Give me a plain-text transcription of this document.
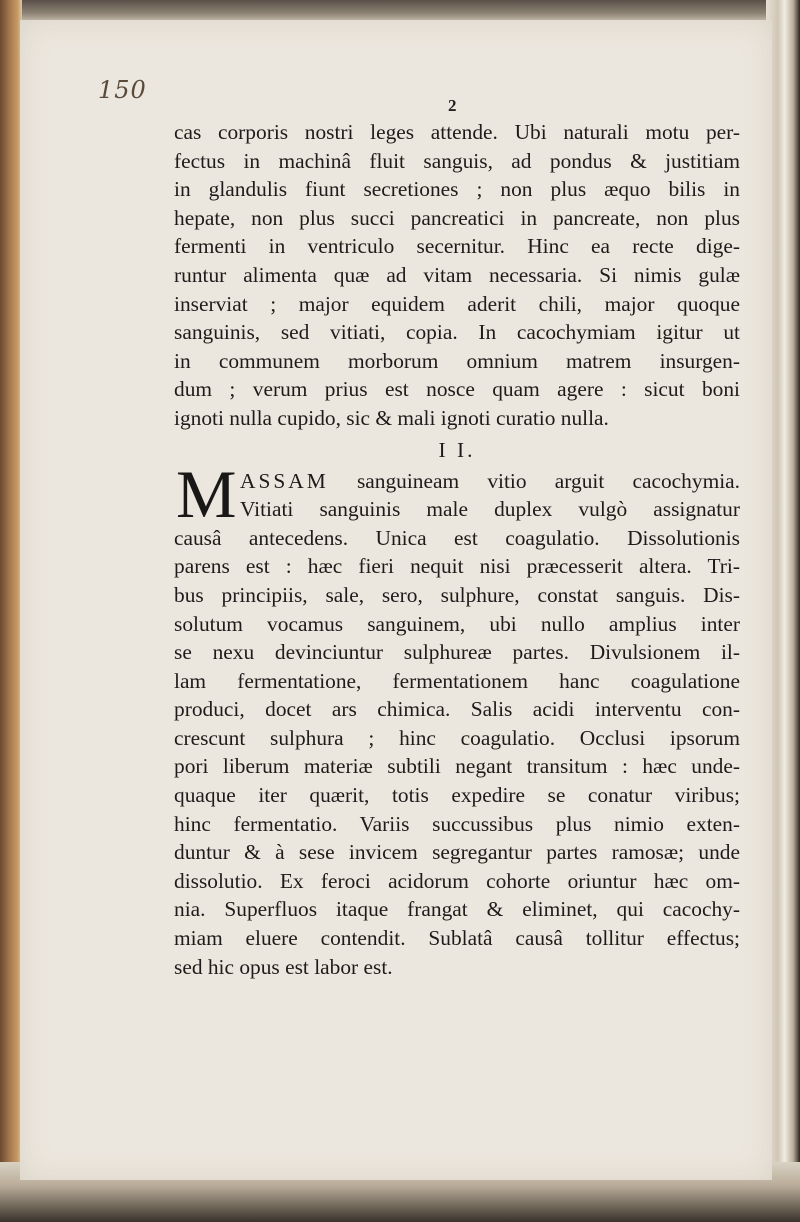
150
2
cas corporis nostri leges attende. Ubi naturali motu per-
fectus in machinâ fluit sanguis, ad pondus & justitiam
in glandulis fiunt secretiones ; non plus æquo bilis in
hepate, non plus succi pancreatici in pancreate, non plus
fermenti in ventriculo secernitur. Hinc ea recte dige-
runtur alimenta quæ ad vitam necessaria. Si nimis gulæ
inserviat ; major equidem aderit chili, major quoque
sanguinis, sed vitiati, copia. In cacochymiam igitur ut
in communem morborum omnium matrem insurgen-
dum ; verum prius est nosce quam agere : sicut boni
ignoti nulla cupido, sic & mali ignoti curatio nulla.
I I.
M ASSAM sanguineam vitio arguit cacochymia.
Vitiati sanguinis male duplex vulgò assignatur
causâ antecedens. Unica est coagulatio. Dissolutionis
parens est : hæc fieri nequit nisi præcesserit altera. Tri-
bus principiis, sale, sero, sulphure, constat sanguis. Dis-
solutum vocamus sanguinem, ubi nullo amplius inter
se nexu devinciuntur sulphureæ partes. Divulsionem il-
lam fermentatione, fermentationem hanc coagulatione
produci, docet ars chimica. Salis acidi interventu con-
crescunt sulphura ; hinc coagulatio. Occlusi ipsorum
pori liberum materiæ subtili negant transitum : hæc unde-
quaque iter quærit, totis expedire se conatur viribus;
hinc fermentatio. Variis succussibus plus nimio exten-
duntur & à sese invicem segregantur partes ramosæ; unde
dissolutio. Ex feroci acidorum cohorte oriuntur hæc om-
nia. Superfluos itaque frangat & eliminet, qui cacochy-
miam eluere contendit. Sublatâ causâ tollitur effectus;
sed hic opus est labor est.
